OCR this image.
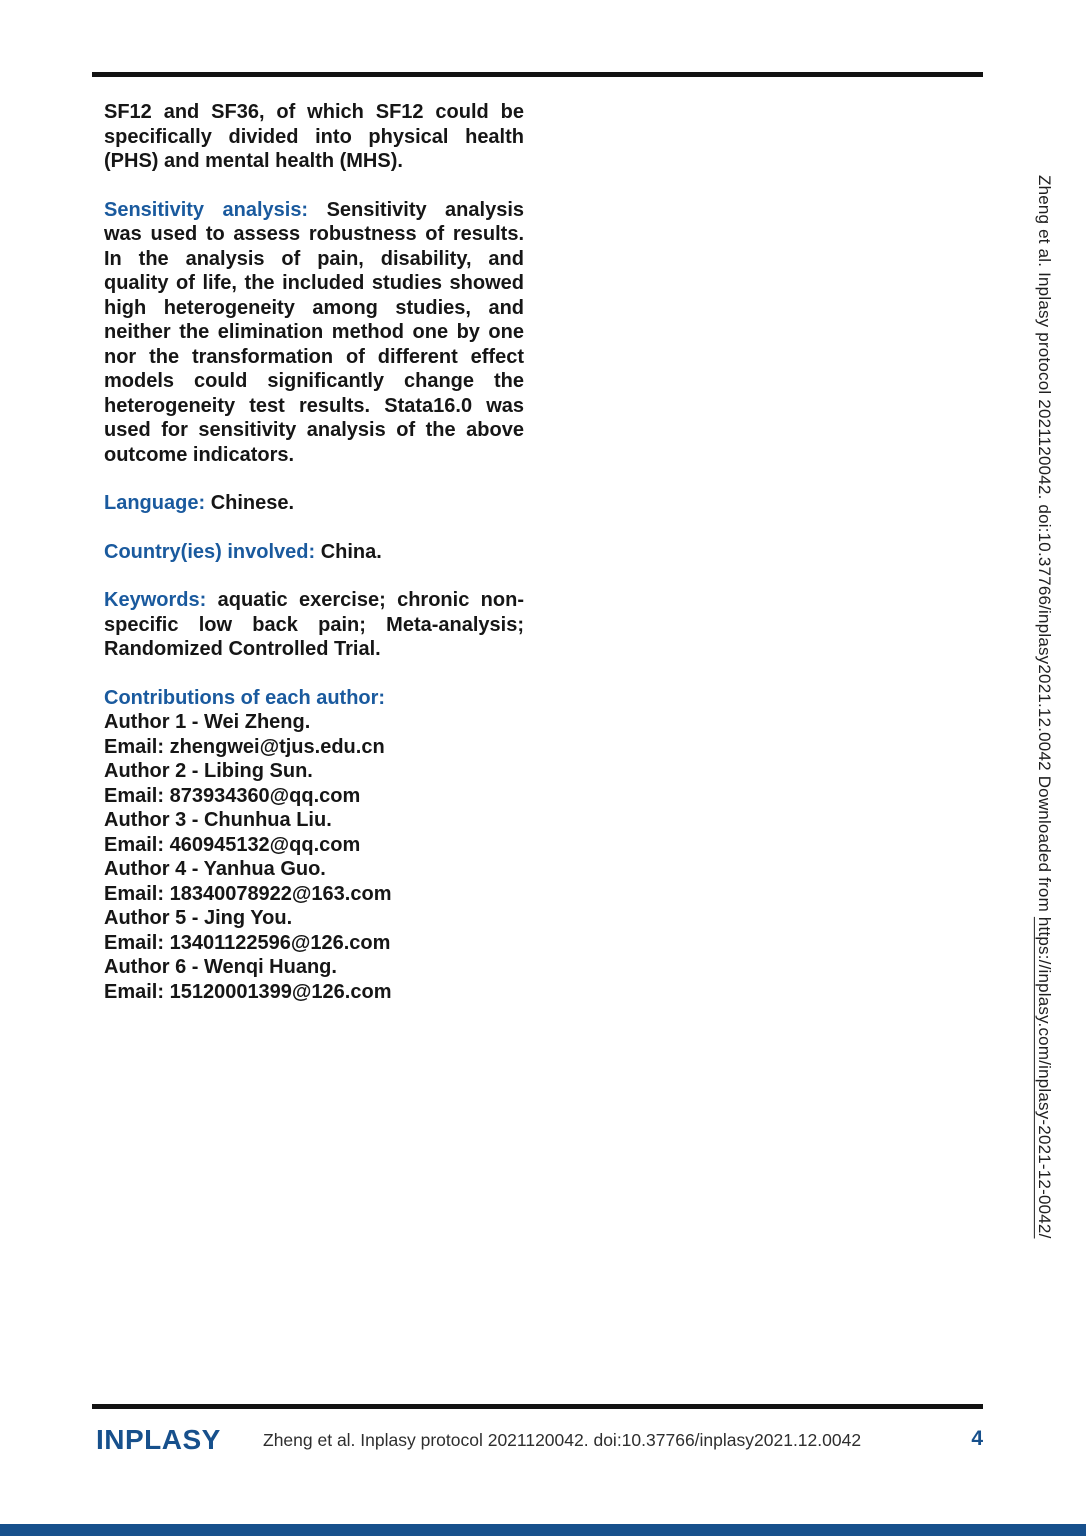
SF12 and SF36, of which SF12 could be specifically divided into physical health (PHS) and mental health (MHS).

Sensitivity analysis: Sensitivity analysis was used to assess robustness of results. In the analysis of pain, disability, and quality of life, the included studies showed high heterogeneity among studies, and neither the elimination method one by one nor the transformation of different effect models could significantly change the heterogeneity test results. Stata16.0 was used for sensitivity analysis of the above outcome indicators.

Language: Chinese.

Country(ies) involved: China.

Keywords: aquatic exercise; chronic non-specific low back pain; Meta-analysis; Randomized Controlled Trial.

Contributions of each author:
Author 1 - Wei Zheng.
Email: zhengwei@tjus.edu.cn
Author 2 - Libing Sun.
Email: 873934360@qq.com
Author 3 - Chunhua Liu.
Email: 460945132@qq.com
Author 4 - Yanhua Guo.
Email: 18340078922@163.com
Author 5 - Jing You.
Email: 13401122596@126.com
Author 6 - Wenqi Huang.
Email: 15120001399@126.com
Zheng et al. Inplasy protocol 2021120042. doi:10.37766/inplasy2021.12.0042 Downloaded from https://inplasy.com/inplasy-2021-12-0042/
INPLASY Zheng et al. Inplasy protocol 2021120042. doi:10.37766/inplasy2021.12.0042	4
